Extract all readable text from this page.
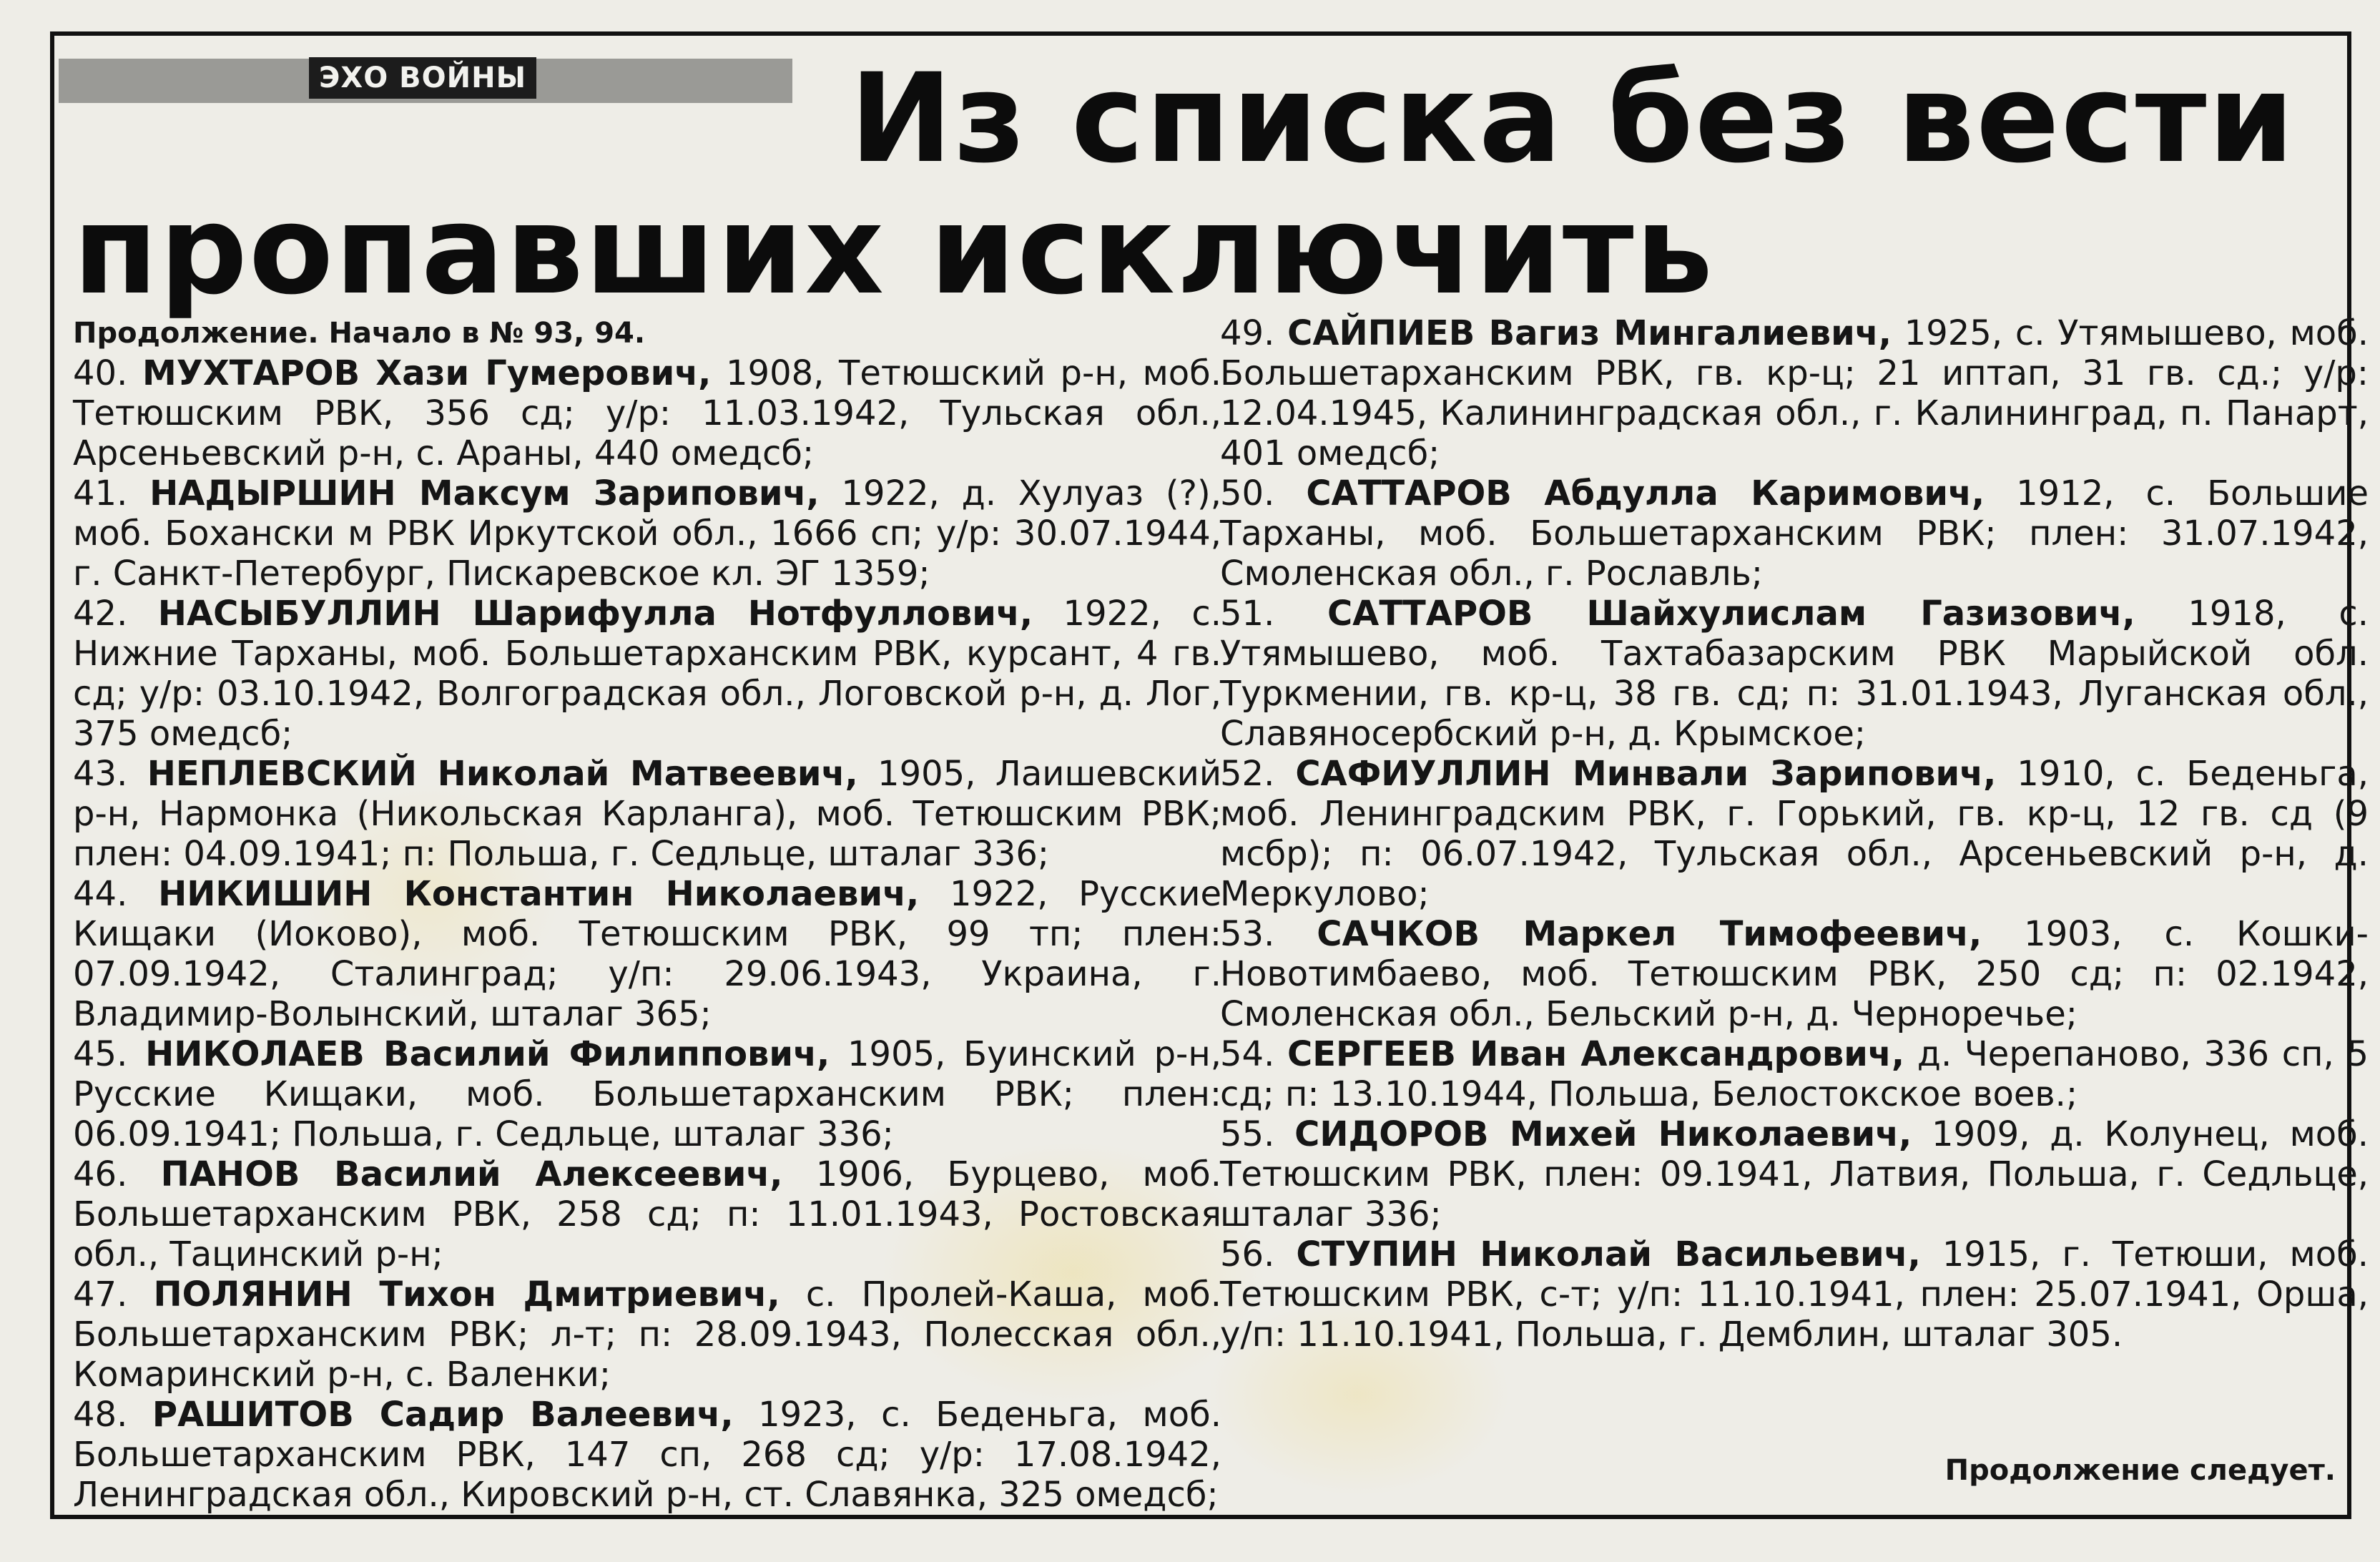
ЭХО ВОЙНЫ	Из списка без вести
пропавших исключить

Продолжение. Начало в № 93, 94.

40. МУХТАРОВ Хази Гумерович, 1908, Тетюшский р-н, моб. Тетюшским РВК, 356 сд; у/р: 11.03.1942, Тульская обл., Арсеньевский р-н, с. Араны, 440 омедсб;

41. НАДЫРШИН Максум Зарипович, 1922, д. Хулуаз (?), моб. Бохански м РВК Иркутской обл., 1666 сп; у/р: 30.07.1944, г. Санкт-Петербург, Пискаревское кл. ЭГ 1359;

42. НАСЫБУЛЛИН Шарифулла Нотфуллович, 1922, с. Нижние Тарханы, моб. Большетарханским РВК, курсант, 4 гв. сд; у/р: 03.10.1942, Волгоградская обл., Логовской р-н, д. Лог, 375 омедсб;

43. НЕПЛЕВСКИЙ Николай Матвеевич, 1905, Лаишевский р-н, Нармонка (Никольская Карланга), моб. Тетюшским РВК; плен: 04.09.1941; п: Польша, г. Седльце, шталаг 336;

44. НИКИШИН Константин Николаевич, 1922, Русские Кищаки (Иоково), моб. Тетюшским РВК, 99 тп; плен: 07.09.1942, Сталинград; у/п: 29.06.1943, Украина, г. Владимир-Волынский, шталаг 365;

45. НИКОЛАЕВ Василий Филиппович, 1905, Буинский р-н, Русские Кищаки, моб. Большетарханским РВК; плен: 06.09.1941; Польша, г. Седльце, шталаг 336;

46. ПАНОВ Василий Алексеевич, 1906, Бурцево, моб. Большетарханским РВК, 258 сд; п: 11.01.1943, Ростовская обл., Тацинский р-н;

47. ПОЛЯНИН Тихон Дмитриевич, с. Пролей-Каша, моб. Большетарханским РВК; л-т; п: 28.09.1943, Полесская обл., Комаринский р-н, с. Валенки;

48. РАШИТОВ Садир Валеевич, 1923, с. Беденьга, моб. Большетарханским РВК, 147 сп, 268 сд; у/р: 17.08.1942, Ленинградская обл., Кировский р-н, ст. Славянка, 325 омедсб;

49. САЙПИЕВ Вагиз Мингалиевич, 1925, с. Утямышево, моб. Большетарханским РВК, гв. кр-ц; 21 иптап, 31 гв. сд.; у/р: 12.04.1945, Калининградская обл., г. Калининград, п. Панарт, 401 омедсб;

50. САТТАРОВ Абдулла Каримович, 1912, с. Большие Тарханы, моб. Большетарханским РВК; плен: 31.07.1942, Смоленская обл., г. Рославль;

51. САТТАРОВ Шайхулислам Газизович, 1918, с. Утямышево, моб. Тахтабазарским РВК Марыйской обл. Туркмении, гв. кр-ц, 38 гв. сд; п: 31.01.1943, Луганская обл., Славяносербский р-н, д. Крымское;

52. САФИУЛЛИН Минвали Зарипович, 1910, с. Беденьга, моб. Ленинградским РВК, г. Горький, гв. кр-ц, 12 гв. сд (9 мсбр); п: 06.07.1942, Тульская обл., Арсеньевский р-н, д. Меркулово;

53. САЧКОВ Маркел Тимофеевич, 1903, с. Кошки-Новотимбаево, моб. Тетюшским РВК, 250 сд; п: 02.1942, Смоленская обл., Бельский р-н, д. Черноречье;

54. СЕРГЕЕВ Иван Александрович, д. Черепаново, 336 сп, 5 сд; п: 13.10.1944, Польша, Белостокское воев.;

55. СИДОРОВ Михей Николаевич, 1909, д. Колунец, моб. Тетюшским РВК, плен: 09.1941, Латвия, Польша, г. Седльце, шталаг 336;

56. СТУПИН Николай Васильевич, 1915, г. Тетюши, моб. Тетюшским РВК, с-т; у/п: 11.10.1941, плен: 25.07.1941, Орша, у/п: 11.10.1941, Польша, г. Демблин, шталаг 305.

Продолжение следует.
